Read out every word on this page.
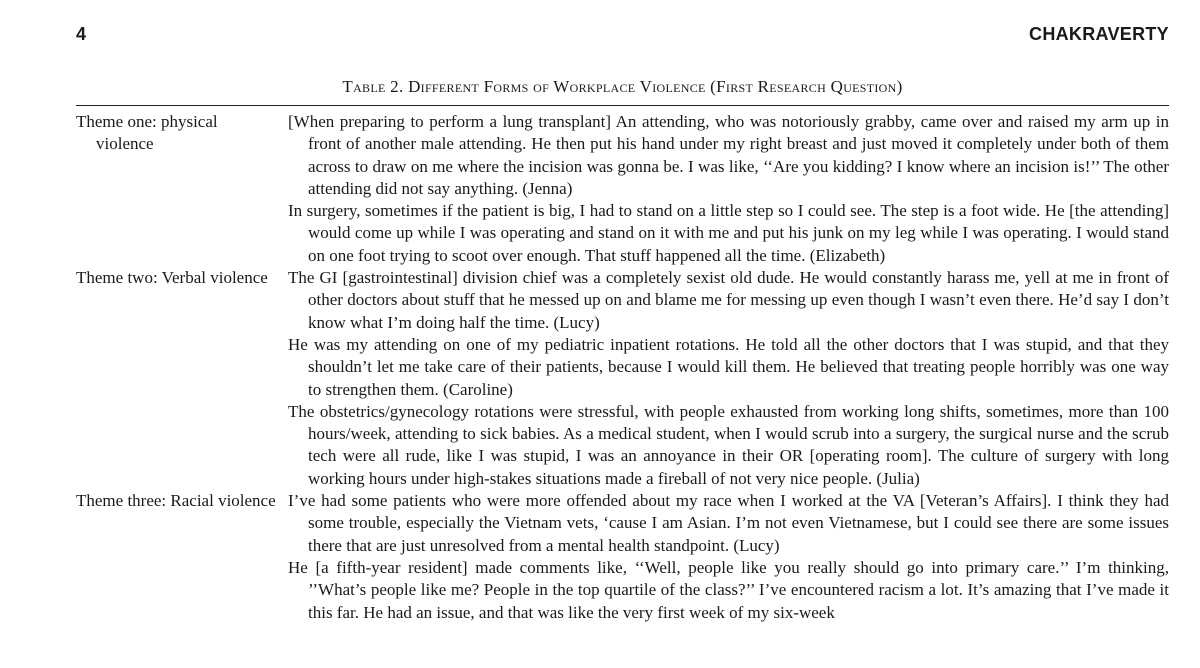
4	CHAKRAVERTY
Table 2. Different Forms of Workplace Violence (First Research Question)
Theme one: physical violence
[When preparing to perform a lung transplant] An attending, who was notoriously grabby, came over and raised my arm up in front of another male attending. He then put his hand under my right breast and just moved it completely under both of them across to draw on me where the incision was gonna be. I was like, ‘‘Are you kidding? I know where an incision is!’’ The other attending did not say anything. (Jenna)
In surgery, sometimes if the patient is big, I had to stand on a little step so I could see. The step is a foot wide. He [the attending] would come up while I was operating and stand on it with me and put his junk on my leg while I was operating. I would stand on one foot trying to scoot over enough. That stuff happened all the time. (Elizabeth)
Theme two: Verbal violence	The GI [gastrointestinal] division chief was a completely sexist old dude. He would constantly harass me, yell at me in front of other doctors about stuff that he messed up on and blame me for messing up even though I wasn’t even there. He’d say I don’t know what I’m doing half the time. (Lucy)
He was my attending on one of my pediatric inpatient rotations. He told all the other doctors that I was stupid, and that they shouldn’t let me take care of their patients, because I would kill them. He believed that treating people horribly was one way to strengthen them. (Caroline)
The obstetrics/gynecology rotations were stressful, with people exhausted from working long shifts, sometimes, more than 100 hours/week, attending to sick babies. As a medical student, when I would scrub into a surgery, the surgical nurse and the scrub tech were all rude, like I was stupid, I was an annoyance in their OR [operating room]. The culture of surgery with long working hours under high-stakes situations made a fireball of not very nice people. (Julia)
Theme three: Racial violence I’ve had some patients who were more offended about my race when I worked at the VA [Veteran’s Affairs]. I think they had some trouble, especially the Vietnam vets, ‘cause I am Asian. I’m not even Vietnamese, but I could see there are some issues there that are just unresolved from a mental health standpoint. (Lucy)
He [a fifth-year resident] made comments like, ‘‘Well, people like you really should go into primary care.’’ I’m thinking, ’’What’s people like me? People in the top quartile of the class?’’ I’ve encountered racism a lot. It’s amazing that I’ve made it this far. He had an issue, and that was like the very first week of my six-week
